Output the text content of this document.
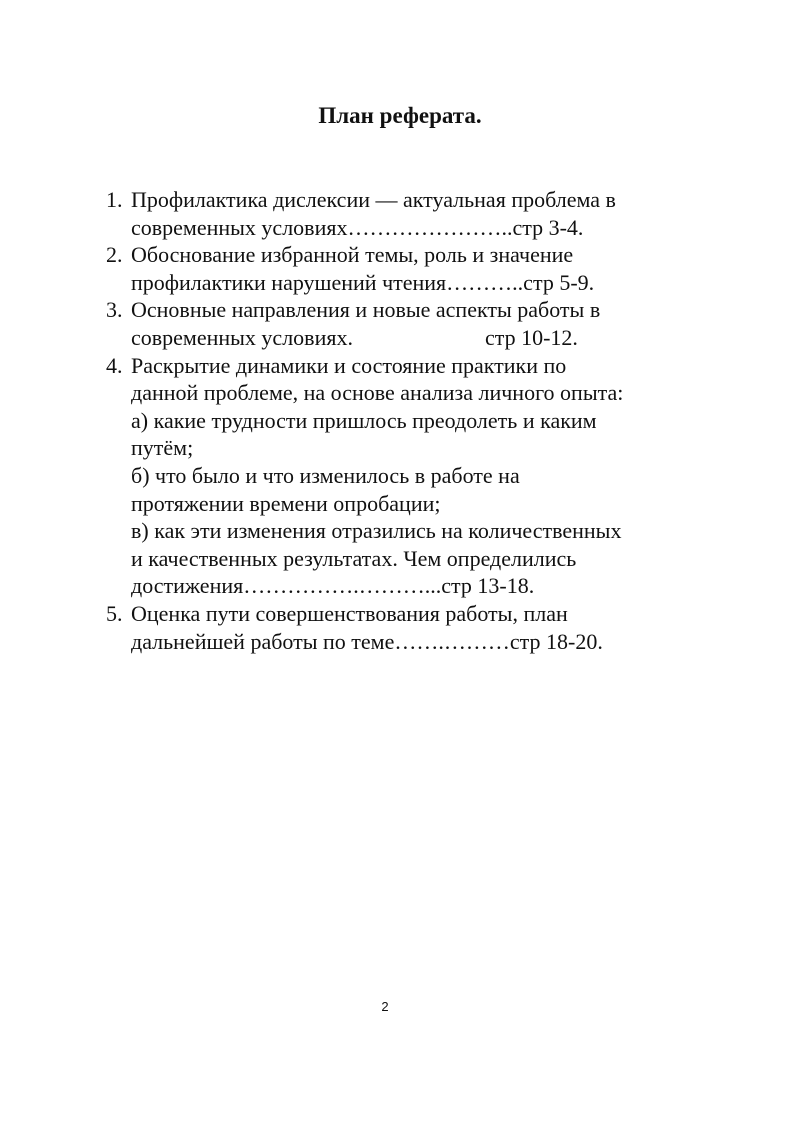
План реферата.
1. Профилактика дислексии — актуальная проблема в
современных условиях…………………..стр 3-4.
2. Обоснование избранной темы, роль и значение
профилактики нарушений чтения………..стр 5-9.
3. Основные направления и новые аспекты работы в
современных условиях.                        стр 10-12.
4. Раскрытие динамики и состояние практики по
данной проблеме, на основе анализа личного опыта:
а) какие трудности пришлось преодолеть и каким
путём;
б) что было и что изменилось в работе на
протяжении времени опробации;
в) как эти изменения отразились на количественных
и качественных результатах. Чем определились
достижения…………….………...стр 13-18.
5. Оценка пути совершенствования работы, план
дальнейшей работы по теме…….………стр 18-20.
2
